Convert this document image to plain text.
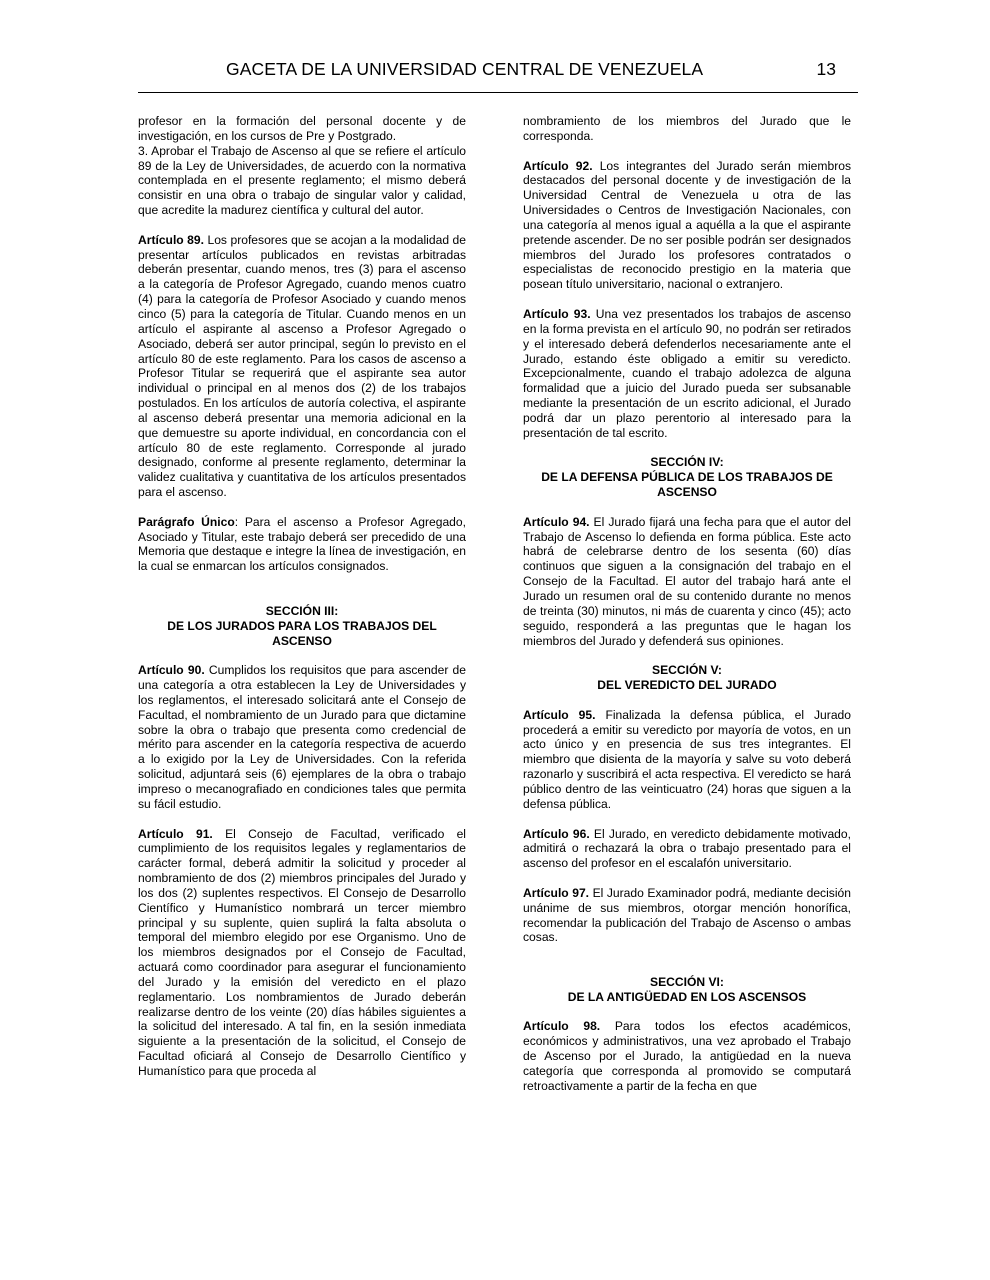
GACETA DE LA UNIVERSIDAD CENTRAL DE VENEZUELA	13

profesor en la formación del personal docente y de investigación, en los cursos de Pre y Postgrado.

3. Aprobar el Trabajo de Ascenso al que se refiere el artículo 89 de la Ley de Universidades, de acuerdo con la normativa contemplada en el presente reglamento; el mismo deberá consistir en una obra o trabajo de singular valor y calidad, que acredite la madurez científica y cultural del autor.

Artículo 89. Los profesores que se acojan a la modalidad de presentar artículos publicados en revistas arbitradas deberán presentar, cuando menos, tres (3) para el ascenso a la categoría de Profesor Agregado, cuando menos cuatro (4) para la categoría de Profesor Asociado y cuando menos cinco (5) para la categoría de Titular. Cuando menos en un artículo el aspirante al ascenso a Profesor Agregado o Asociado, deberá ser autor principal, según lo previsto en el artículo 80 de este reglamento. Para los casos de ascenso a Profesor Titular se requerirá que el aspirante sea autor individual o principal en al menos dos (2) de los trabajos postulados. En los artículos de autoría colectiva, el aspirante al ascenso deberá presentar una memoria adicional en la que demuestre su aporte individual, en concordancia con el artículo 80 de este reglamento. Corresponde al jurado designado, conforme al presente reglamento, determinar la validez cualitativa y cuantitativa de los artículos presentados para el ascenso.

Parágrafo Único: Para el ascenso a Profesor Agregado, Asociado y Titular, este trabajo deberá ser precedido de una Memoria que destaque e integre la línea de investigación, en la cual se enmarcan los artículos consignados.

SECCIÓN III:
DE LOS JURADOS PARA LOS TRABAJOS DEL
ASCENSO

Artículo 90. Cumplidos los requisitos que para ascender de una categoría a otra establecen la Ley de Universidades y los reglamentos, el interesado solicitará ante el Consejo de Facultad, el nombramiento de un Jurado para que dictamine sobre la obra o trabajo que presenta como credencial de mérito para ascender en la categoría respectiva de acuerdo a lo exigido por la Ley de Universidades. Con la referida solicitud, adjuntará seis (6) ejemplares de la obra o trabajo impreso o mecanografiado en condiciones tales que permita su fácil estudio.

Artículo 91. El Consejo de Facultad, verificado el cumplimiento de los requisitos legales y reglamentarios de carácter formal, deberá admitir la solicitud y proceder al nombramiento de dos (2) miembros principales del Jurado y los dos (2) suplentes respectivos. El Consejo de Desarrollo Científico y Humanístico nombrará un tercer miembro principal y su suplente, quien suplirá la falta absoluta o temporal del miembro elegido por ese Organismo. Uno de los miembros designados por el Consejo de Facultad, actuará como coordinador para asegurar el funcionamiento del Jurado y la emisión del veredicto en el plazo reglamentario. Los nombramientos de Jurado deberán realizarse dentro de los veinte (20) días hábiles siguientes a la solicitud del interesado. A tal fin, en la sesión inmediata siguiente a la presentación de la solicitud, el Consejo de Facultad oficiará al Consejo de Desarrollo Científico y Humanístico para que proceda al

nombramiento de los miembros del Jurado que le corresponda.

Artículo 92. Los integrantes del Jurado serán miembros destacados del personal docente y de investigación de la Universidad Central de Venezuela u otra de las Universidades o Centros de Investigación Nacionales, con una categoría al menos igual a aquélla a la que el aspirante pretende ascender. De no ser posible podrán ser designados miembros del Jurado los profesores contratados o especialistas de reconocido prestigio en la materia que posean título universitario, nacional o extranjero.

Artículo 93. Una vez presentados los trabajos de ascenso en la forma prevista en el artículo 90, no podrán ser retirados y el interesado deberá defenderlos necesariamente ante el Jurado, estando éste obligado a emitir su veredicto. Excepcionalmente, cuando el trabajo adolezca de alguna formalidad que a juicio del Jurado pueda ser subsanable mediante la presentación de un escrito adicional, el Jurado podrá dar un plazo perentorio al interesado para la presentación de tal escrito.

SECCIÓN IV:
DE LA DEFENSA PÚBLICA DE LOS TRABAJOS DE
ASCENSO

Artículo 94. El Jurado fijará una fecha para que el autor del Trabajo de Ascenso lo defienda en forma pública. Este acto habrá de celebrarse dentro de los sesenta (60) días continuos que siguen a la consignación del trabajo en el Consejo de la Facultad. El autor del trabajo hará ante el Jurado un resumen oral de su contenido durante no menos de treinta (30) minutos, ni más de cuarenta y cinco (45); acto seguido, responderá a las preguntas que le hagan los miembros del Jurado y defenderá sus opiniones.

SECCIÓN V:
DEL VEREDICTO DEL JURADO

Artículo 95. Finalizada la defensa pública, el Jurado procederá a emitir su veredicto por mayoría de votos, en un acto único y en presencia de sus tres integrantes. El miembro que disienta de la mayoría y salve su voto deberá razonarlo y suscribirá el acta respectiva. El veredicto se hará público dentro de las veinticuatro (24) horas que siguen a la defensa pública.

Artículo 96. El Jurado, en veredicto debidamente motivado, admitirá o rechazará la obra o trabajo presentado para el ascenso del profesor en el escalafón universitario.

Artículo 97. El Jurado Examinador podrá, mediante decisión unánime de sus miembros, otorgar mención honorífica, recomendar la publicación del Trabajo de Ascenso o ambas cosas.

SECCIÓN VI:
DE LA ANTIGÜEDAD EN LOS ASCENSOS

Artículo 98. Para todos los efectos académicos, económicos y administrativos, una vez aprobado el Trabajo de Ascenso por el Jurado, la antigüedad en la nueva categoría que corresponda al promovido se computará retroactivamente a partir de la fecha en que
